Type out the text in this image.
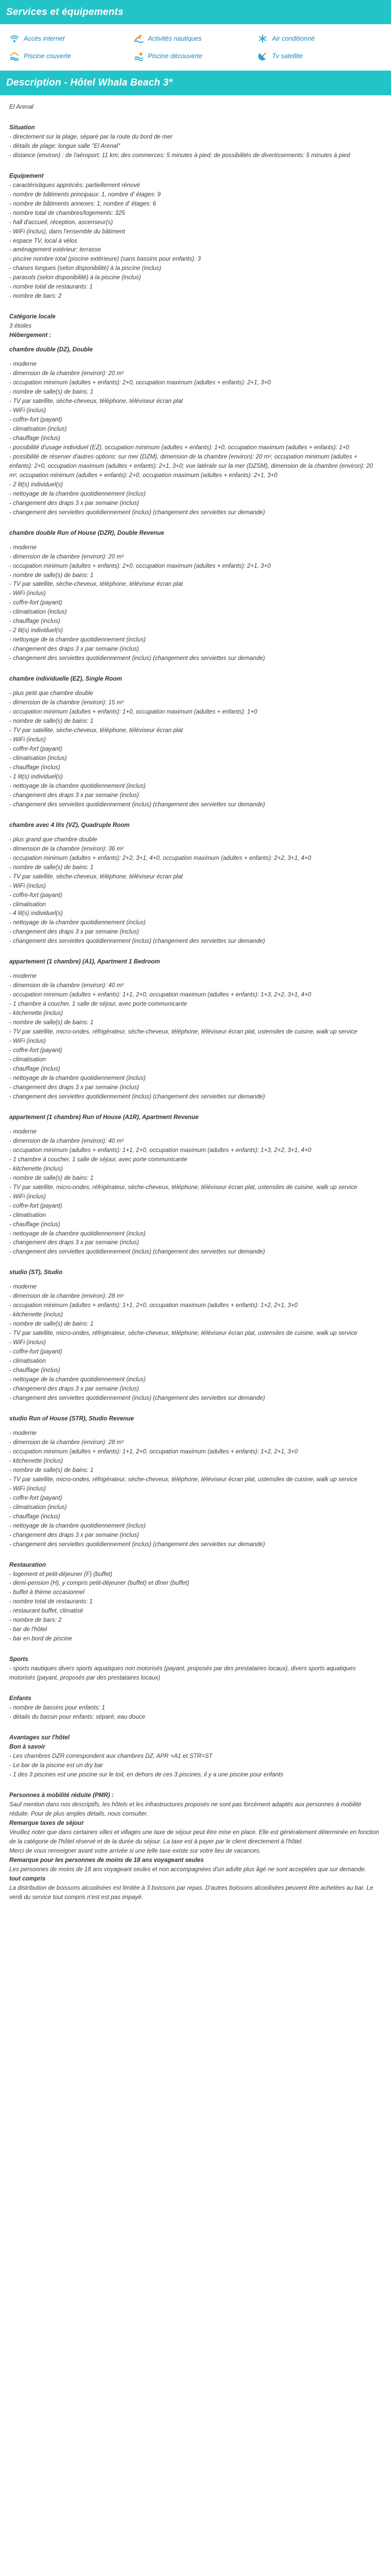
Services et équipements
Accès internet	Activités nautiques	Air conditionné
Piscine couverte	Piscine découverte	Tv satellite
Description - Hôtel Whala Beach 3*

El Arenal

Situation

- directement sur la plage, séparé par la route du bord de mer

- détails de plage: longue salle "El Arenal"

- distance (environ) : de l'aéroport: 11 km; des commerces: 5 minutes à pied; de possibilités de divertissements: 5 minutes à pied

Equipement

- caractéristiques appréciés: partiellement rénové

- nombre de bâtiments principaux: 1, nombre d' étages: 9

- nombre de bâtiments annexes: 1, nombre d' étages: 6

- nombre total de chambres/logements: 325

- hall d'accueil, réception, ascenseur(s)

- WiFi (inclus), dans l'ensemble du bâtiment

- espace TV, local à vélos

- aménagement extérieur: terrasse

- piscine nombre total (piscine extérieure) (sans bassins pour enfants): 3

- chaises longues (selon disponibilité) à la piscine (inclus)

- parasols (selon disponibilité) à la piscine (inclus)

- nombre total de restaurants: 1

- nombre de bars: 2

Catégorie locale

3 étoiles

Hébergement :

chambre double (DZ), Double

- moderne

- dimension de la chambre (environ): 20 m²

- occupation minimum (adultes + enfants): 2+0, occupation maximum (adultes + enfants): 2+1, 3+0

- nombre de salle(s) de bains: 1

- TV par satellite, sèche-cheveux, téléphone, téléviseur écran plat

- WiFi (inclus)

- coffre-fort (payant)

- climatisation (inclus)

- chauffage (inclus)

- possibilité d'usage individuel (EZ), occupation minimum (adultes + enfants): 1+0, occupation maximum (adultes + enfants): 1+0

- possibilité de réserver d'autres options: sur mer (DZM), dimension de la chambre (environ): 20 m², occupation minimum (adultes + enfants): 2+0, occupation maximum (adultes + enfants): 2+1, 3+0; vue latérale sur la mer (DZSM), dimension de la chambre (environ): 20 m², occupation minimum (adultes + enfants): 2+0, occupation maximum (adultes + enfants): 2+1, 3+0

- 2 lit(s) individuel(s)

- nettoyage de la chambre quotidiennement (inclus)

- changement des draps 3 x par semaine (inclus)

- changement des serviettes quotidiennement (inclus) (changement des serviettes sur demande)

chambre double Run of House (DZR), Double Revenue

- moderne

- dimension de la chambre (environ): 20 m²

- occupation minimum (adultes + enfants): 2+0, occupation maximum (adultes + enfants): 2+1, 3+0

- nombre de salle(s) de bains: 1

- TV par satellite, sèche-cheveux, téléphone, téléviseur écran plat

- WiFi (inclus)

- coffre-fort (payant)

- climatisation (inclus)

- chauffage (inclus)

- 2 lit(s) individuel(s)

- nettoyage de la chambre quotidiennement (inclus)

- changement des draps 3 x par semaine (inclus)

- changement des serviettes quotidiennement (inclus) (changement des serviettes sur demande)

chambre individuelle (EZ), Single Room

- plus petit que chambre double

- dimension de la chambre (environ): 15 m²

- occupation minimum (adultes + enfants): 1+0, occupation maximum (adultes + enfants): 1+0

- nombre de salle(s) de bains: 1

- TV par satellite, sèche-cheveux, téléphone, téléviseur écran plat

- WiFi (inclus)

- coffre-fort (payant)

- climatisation (inclus)

- chauffage (inclus)

- 1 lit(s) individuel(s)

- nettoyage de la chambre quotidiennement (inclus)

- changement des draps 3 x par semaine (inclus)

- changement des serviettes quotidiennement (inclus) (changement des serviettes sur demande)

chambre avec 4 lits (VZ), Quadruple Room

- plus grand que chambre double

- dimension de la chambre (environ): 36 m²

- occupation minimum (adultes + enfants): 2+2, 3+1, 4+0, occupation maximum (adultes + enfants): 2+2, 3+1, 4+0

- nombre de salle(s) de bains: 1

- TV par satellite, sèche-cheveux, téléphone, téléviseur écran plat

- WiFi (inclus)

- coffre-fort (payant)

- climatisation

- 4 lit(s) individuel(s)

- nettoyage de la chambre quotidiennement (inclus)

- changement des draps 3 x par semaine (inclus)

- changement des serviettes quotidiennement (inclus) (changement des serviettes sur demande)

appartement (1 chambre) (A1), Apartment 1 Bedroom

- moderne

- dimension de la chambre (environ): 40 m²

- occupation minimum (adultes + enfants): 1+1, 2+0, occupation maximum (adultes + enfants): 1+3, 2+2, 3+1, 4+0

- 1 chambre à coucher, 1 salle de séjour, avec porte communicante

- kitchenette (inclus)

- nombre de salle(s) de bains: 1

- TV par satellite, micro-ondes, réfrigérateur, sèche-cheveux, téléphone, téléviseur écran plat, ustensiles de cuisine, walk up service

- WiFi (inclus)

- coffre-fort (payant)

- climatisation

- chauffage (inclus)

- nettoyage de la chambre quotidiennement (inclus)

- changement des draps 3 x par semaine (inclus)

- changement des serviettes quotidiennement (inclus) (changement des serviettes sur demande)

appartement (1 chambre) Run of House (A1R), Apartment Revenue

- moderne

- dimension de la chambre (environ): 40 m²

- occupation minimum (adultes + enfants): 1+1, 2+0, occupation maximum (adultes + enfants): 1+3, 2+2, 3+1, 4+0

- 1 chambre à coucher, 1 salle de séjour, avec porte communicante

- kitchenette (inclus)

- nombre de salle(s) de bains: 1

- TV par satellite, micro-ondes, réfrigérateur, sèche-cheveux, téléphone, téléviseur écran plat, ustensiles de cuisine, walk up service

- WiFi (inclus)

- coffre-fort (payant)

- climatisation

- chauffage (inclus)

- nettoyage de la chambre quotidiennement (inclus)

- changement des draps 3 x par semaine (inclus)

- changement des serviettes quotidiennement (inclus) (changement des serviettes sur demande)

studio (ST), Studio

- moderne

- dimension de la chambre (environ): 28 m²

- occupation minimum (adultes + enfants): 1+1, 2+0, occupation maximum (adultes + enfants): 1+2, 2+1, 3+0

- kitchenette (inclus)

- nombre de salle(s) de bains: 1

- TV par satellite, micro-ondes, réfrigérateur, sèche-cheveux, téléphone, téléviseur écran plat, ustensiles de cuisine, walk up service

- WiFi (inclus)

- coffre-fort (payant)

- climatisation

- chauffage (inclus)

- nettoyage de la chambre quotidiennement (inclus)

- changement des draps 3 x par semaine (inclus)

- changement des serviettes quotidiennement (inclus) (changement des serviettes sur demande)

studio Run of House (STR), Studio Revenue

- moderne

- dimension de la chambre (environ): 28 m²

- occupation minimum (adultes + enfants): 1+1, 2+0, occupation maximum (adultes + enfants): 1+2, 2+1, 3+0

- kitchenette (inclus)

- nombre de salle(s) de bains: 1

- TV par satellite, micro-ondes, réfrigérateur, sèche-cheveux, téléphone, téléviseur écran plat, ustensiles de cuisine, walk up service

- WiFi (inclus)

- coffre-fort (payant)

- climatisation (inclus)

- chauffage (inclus)

- nettoyage de la chambre quotidiennement (inclus)

- changement des draps 3 x par semaine (inclus)

- changement des serviettes quotidiennement (inclus) (changement des serviettes sur demande)

Restauration

- logement et petit-déjeuner (F) (buffet)

- demi-pension (H), y compris petit-déjeuner (buffet) et dîner (buffet)

- buffet à thème occasionnel

- nombre total de restaurants: 1

- restaurant buffet, climatisé

- nombre de bars: 2

- bar de l'hôtel

- bar en bord de piscine

Sports

- sports nautiques divers sports aquatiques non motorisés (payant, proposés par des prestataires locaux), divers sports aquatiques motorisés (payant, proposés par des prestataires locaux)

Enfants

- nombre de bassins pour enfants: 1

- détails du bassin pour enfants: séparé, eau douce

Avantages sur l'hôtel

Bon à savoir

- Les chambres DZR correspondent aux chambres DZ, APR +A1 et STR=ST

- Le bar de la piscine est un dry bar

- 1 des 3 piscines est une piscine sur le toit, en dehors de ces 3 piscines, il y a une piscine pour enfants

Personnes à mobilité réduite (PMR) :

Sauf mention dans nos descriptifs, les hôtels et les infrastructures proposés ne sont pas forcément adaptés aux personnes à mobilité réduite. Pour de plus amples détails, nous consulter.

Remarque taxes de séjour

Veuillez noter que dans certaines villes et villages une taxe de séjour peut être mise en place. Elle est généralement déterminée en fonction de la catégorie de l'hôtel réservé et de la durée du séjour. La taxe est à payer par le client directement à l'hôtel.

Merci de vous renseigner avant votre arrivée si une telle taxe existe sur votre lieu de vacances.

Remarque pour les personnes de moins de 18 ans voyageant seules

Les personnes de moins de 18 ans voyageant seules et non accompagnées d'un adulte plus âgé ne sont acceptées que sur demande.

tout compris

La distribution de boissons alcoolisées est limitée à 3 boissons par repas. D'autres boissons alcoolisées peuvent être achetées au bar. Le verdi du service tout compris n'est est pas impayé.
